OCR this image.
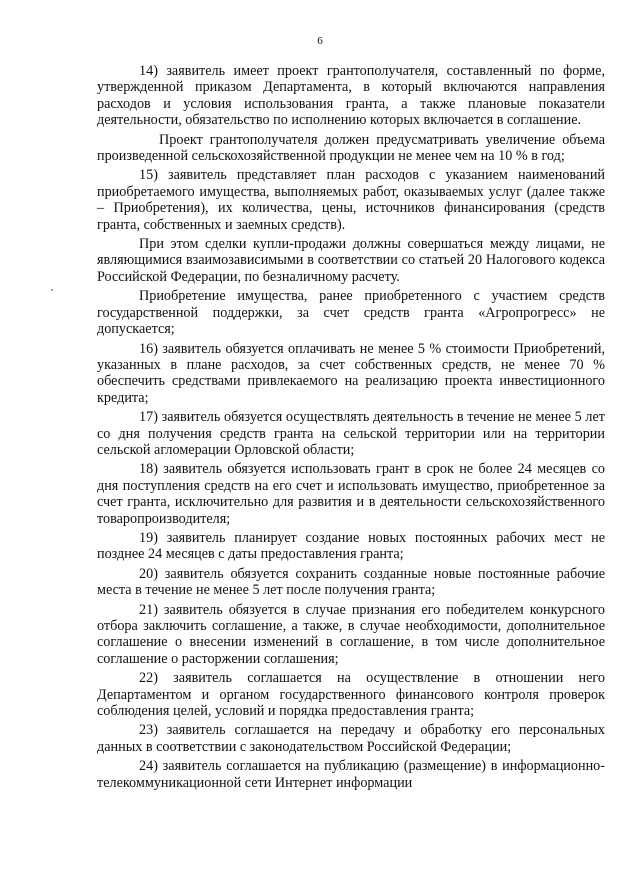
6

14) заявитель имеет проект грантополучателя, составленный по форме, утвержденной приказом Департамента, в который включаются направления расходов и условия использования гранта, а также плановые показатели деятельности, обязательство по исполнению которых включается в соглашение.

Проект грантополучателя должен предусматривать увеличение объема произведенной сельскохозяйственной продукции не менее чем на 10 % в год;

15) заявитель представляет план расходов с указанием наименований приобретаемого имущества, выполняемых работ, оказываемых услуг (далее также – Приобретения), их количества, цены, источников финансирования (средств гранта, собственных и заемных средств).

При этом сделки купли-продажи должны совершаться между лицами, не являющимися взаимозависимыми в соответствии со статьей 20 Налогового кодекса Российской Федерации, по безналичному расчету.

Приобретение имущества, ранее приобретенного с участием средств государственной поддержки, за счет средств гранта «Агропрогресс» не допускается;

16) заявитель обязуется оплачивать не менее 5 % стоимости Приобретений, указанных в плане расходов, за счет собственных средств, не менее 70 % обеспечить средствами привлекаемого на реализацию проекта инвестиционного кредита;

17) заявитель обязуется осуществлять деятельность в течение не менее 5 лет со дня получения средств гранта на сельской территории или на территории сельской агломерации Орловской области;

18) заявитель обязуется использовать грант в срок не более 24 месяцев со дня поступления средств на его счет и использовать имущество, приобретенное за счет гранта, исключительно для развития и в деятельности сельскохозяйственного товаропроизводителя;

19) заявитель планирует создание новых постоянных рабочих мест не позднее 24 месяцев с даты предоставления гранта;

20) заявитель обязуется сохранить созданные новые постоянные рабочие места в течение не менее 5 лет после получения гранта;

21) заявитель обязуется в случае признания его победителем конкурсного отбора заключить соглашение, а также, в случае необходимости, дополнительное соглашение о внесении изменений в соглашение, в том числе дополнительное соглашение о расторжении соглашения;

22) заявитель соглашается на осуществление в отношении него Департаментом и органом государственного финансового контроля проверок соблюдения целей, условий и порядка предоставления гранта;

23) заявитель соглашается на передачу и обработку его персональных данных в соответствии с законодательством Российской Федерации;

24) заявитель соглашается на публикацию (размещение) в информационно-телекоммуникационной сети Интернет информации
